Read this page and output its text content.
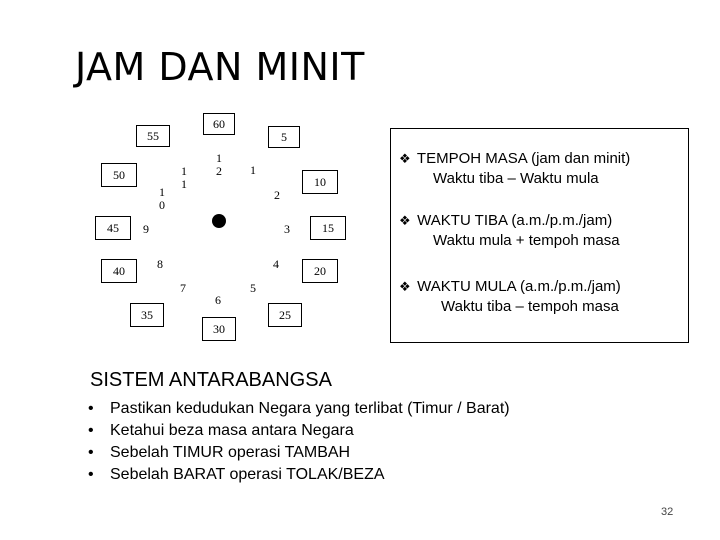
JAM DAN MINIT
60
5
10
15
20
25
30
35
40
45
50
55
1
2
3
4
5
6
7
8
9
10
11
12
❖ TEMPOH MASA (jam dan minit)
Waktu tiba – Waktu mula
❖ WAKTU TIBA (a.m./p.m./jam)
Waktu mula + tempoh masa
❖ WAKTU MULA (a.m./p.m./jam)
Waktu tiba – tempoh masa
SISTEM ANTARABANGSA
• Pastikan kedudukan Negara yang terlibat (Timur / Barat)
• Ketahui beza masa antara Negara
• Sebelah TIMUR operasi TAMBAH
• Sebelah BARAT operasi TOLAK/BEZA
32
